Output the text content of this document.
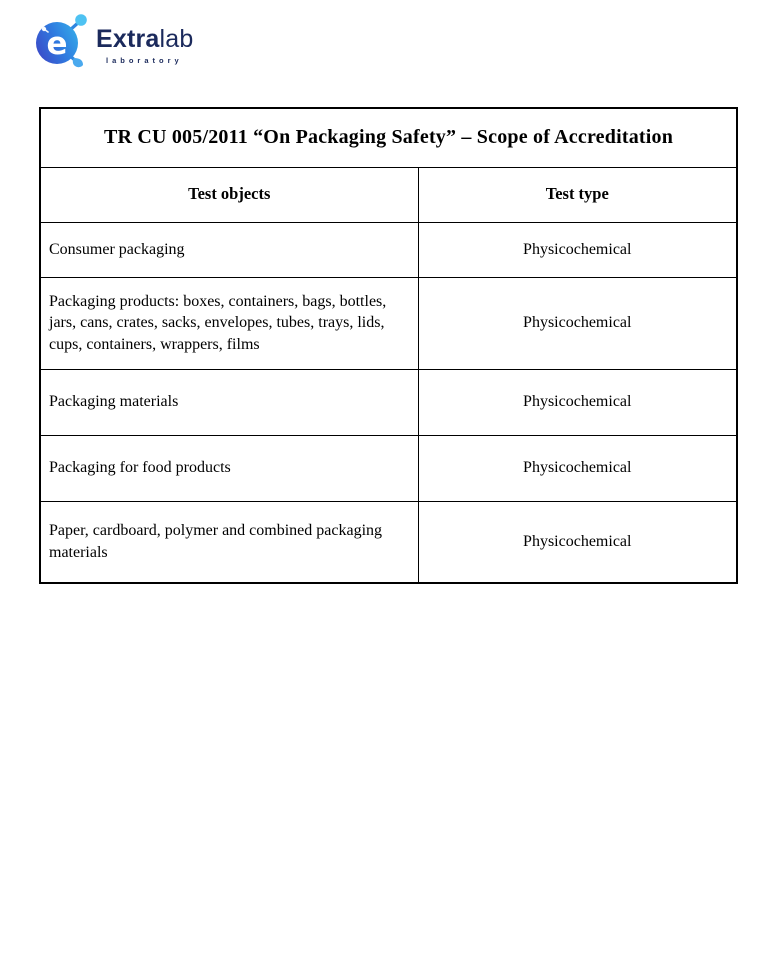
e Extralab
laboratory
TR CU 005/2011 “On Packaging Safety” – Scope of Accreditation	
Test objects	Test type
Consumer packaging	Physicochemical
Packaging products: boxes, containers, bags, bottles, jars, cans, crates, sacks, envelopes, tubes, trays, lids, cups, containers, wrappers, films	Physicochemical
Packaging materials	Physicochemical
Packaging for food products	Physicochemical
Paper, cardboard, polymer and combined packaging materials	Physicochemical
